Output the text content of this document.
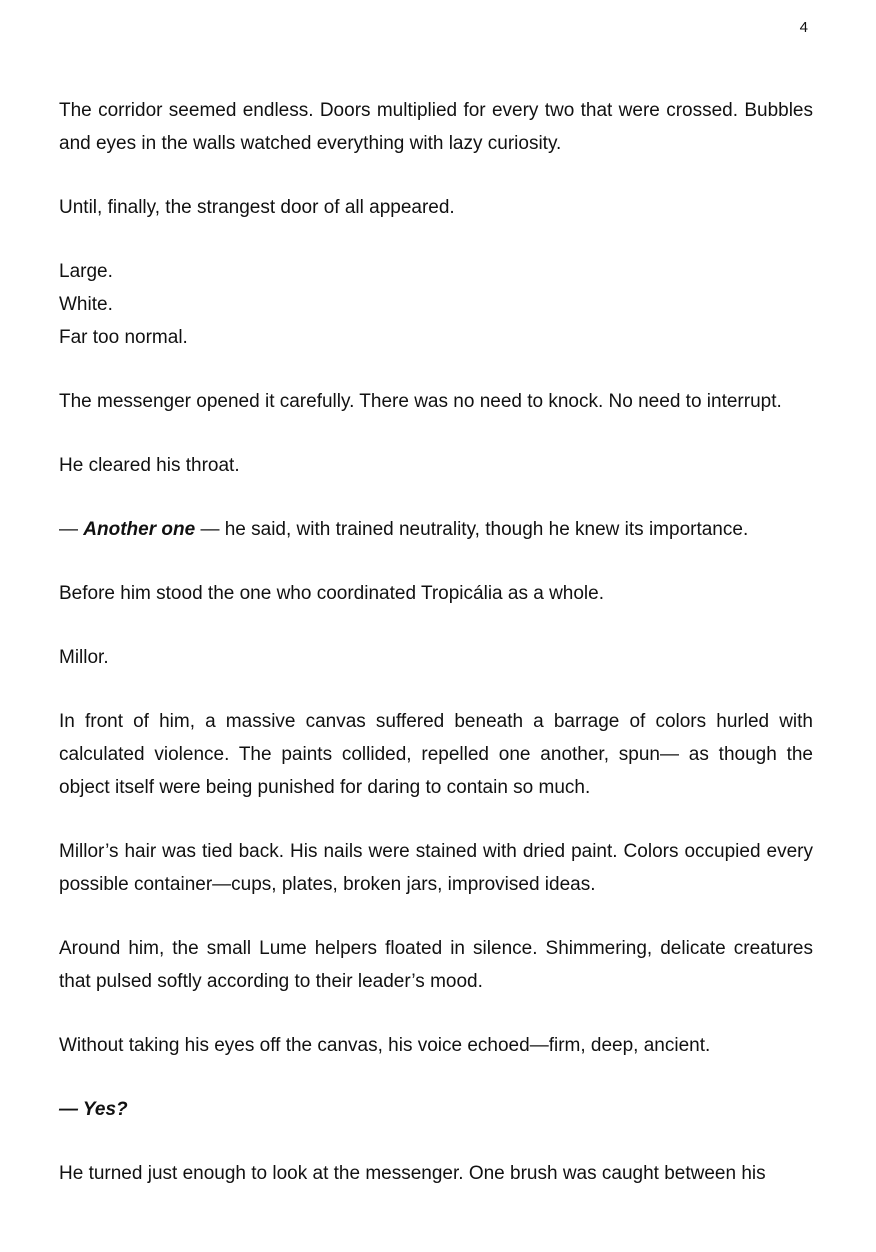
4

The corridor seemed endless. Doors multiplied for every two that were crossed. Bubbles and eyes in the walls watched everything with lazy curiosity.

Until, finally, the strangest door of all appeared.

Large.

White.

Far too normal.

The messenger opened it carefully. There was no need to knock. No need to interrupt.

He cleared his throat.

— Another one — he said, with trained neutrality, though he knew its importance.

Before him stood the one who coordinated Tropicália as a whole.

Millor.

In front of him, a massive canvas suffered beneath a barrage of colors hurled with calculated violence. The paints collided, repelled one another, spun— as though the object itself were being punished for daring to contain so much.

Millor’s hair was tied back. His nails were stained with dried paint. Colors occupied every possible container—cups, plates, broken jars, improvised ideas.

Around him, the small Lume helpers floated in silence. Shimmering, delicate creatures that pulsed softly according to their leader’s mood.

Without taking his eyes off the canvas, his voice echoed—firm, deep, ancient.

— Yes?

He turned just enough to look at the messenger. One brush was caught between his
